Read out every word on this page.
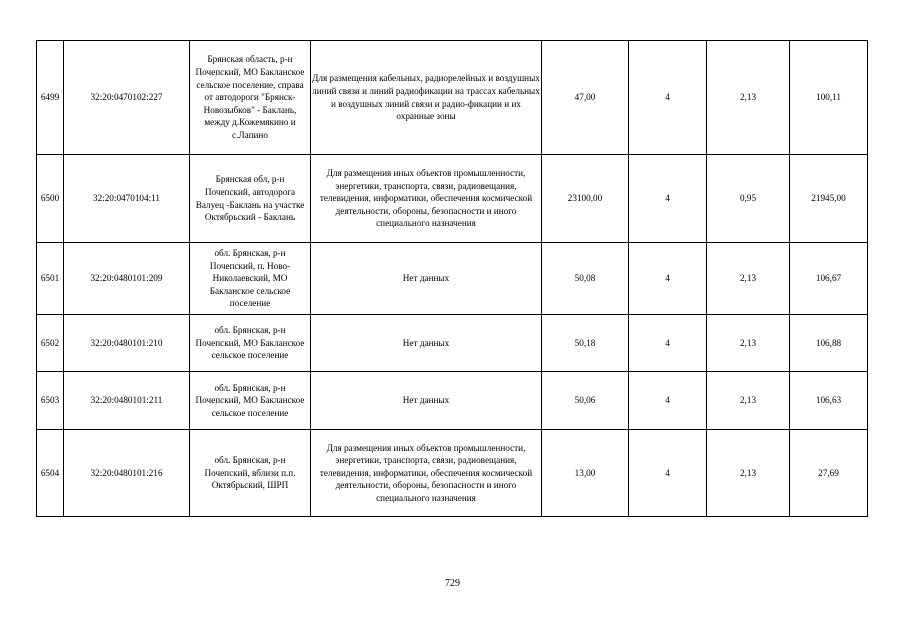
6499	32:20:0470102:227	Брянская область, р-н Почепский, МО Бакланское сельское поселение, справа от автодороги "Брянск-Новозыбков" - Баклань, между д.Кожемякино и с.Лапино	Для размещения кабельных, радиорелейных и воздушных линий связи и линий радиофикации на трассах кабельных и воздушных линий связи и радио-фикации и их охранные зоны	47,00	4	2,13	100,11
6500	32:20:0470104:11	Брянская обл, р-н Почепский, автодорога Валуец -Баклань на участке Октябрьский - Баклань	Для размещения иных объектов промышленности, энергетики, транспорта, связи, радиовещания, телевидения, информатики, обеспечения космической деятельности, обороны, безопасности и иного специального назначения	23100,00	4	0,95	21945,00
6501	32:20:0480101:209	обл. Брянская, р-н Почепский, п. Ново-Николаевский, МО Бакланское сельское поселение	Нет данных	50,08	4	2,13	106,67
6502	32:20:0480101:210	обл. Брянская, р-н Почепский, МО Бакланское сельское поселение	Нет данных	50,18	4	2,13	106,88
6503	32:20:0480101:211	обл. Брянская, р-н Почепский, МО Бакланское сельское поселение	Нет данных	50,06	4	2,13	106,63
6504	32:20:0480101:216	обл. Брянская, р-н Почепский, вблизи п.п. Октябрьский, ШРП	Для размещения иных объектов промышленности, энергетики, транспорта, связи, радиовещания, телевидения, информатики, обеспечения космической деятельности, обороны, безопасности и иного специального назначения	13,00	4	2,13	27,69
729
